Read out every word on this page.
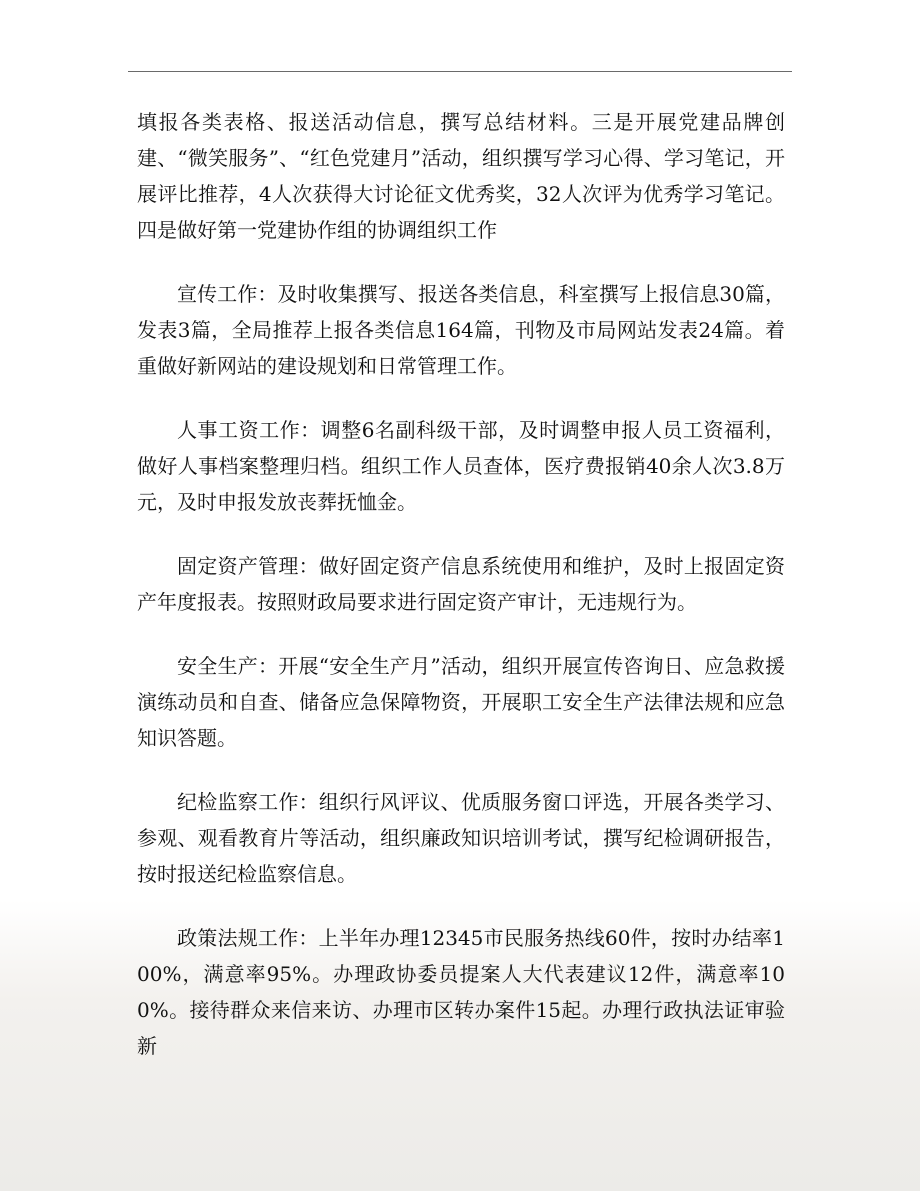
填报各类表格、报送活动信息，撰写总结材料。三是开展党建品牌创建、“微笑服务”、“红色党建月”活动，组织撰写学习心得、学习笔记，开展评比推荐，4人次获得大讨论征文优秀奖，32人次评为优秀学习笔记。四是做好第一党建协作组的协调组织工作

宣传工作：及时收集撰写、报送各类信息，科室撰写上报信息30篇，发表3篇，全局推荐上报各类信息164篇，刊物及市局网站发表24篇。着重做好新网站的建设规划和日常管理工作。

人事工资工作：调整6名副科级干部，及时调整申报人员工资福利，做好人事档案整理归档。组织工作人员查体，医疗费报销40余人次3.8万元，及时申报发放丧葬抚恤金。

固定资产管理：做好固定资产信息系统使用和维护，及时上报固定资产年度报表。按照财政局要求进行固定资产审计，无违规行为。

安全生产：开展“安全生产月”活动，组织开展宣传咨询日、应急救援演练动员和自查、储备应急保障物资，开展职工安全生产法律法规和应急知识答题。

纪检监察工作：组织行风评议、优质服务窗口评选，开展各类学习、参观、观看教育片等活动，组织廉政知识培训考试，撰写纪检调研报告，按时报送纪检监察信息。

政策法规工作：上半年办理12345市民服务热线60件，按时办结率100%，满意率95%。办理政协委员提案人大代表建议12件，满意率100%。接待群众来信来访、办理市区转办案件15起。办理行政执法证审验新
